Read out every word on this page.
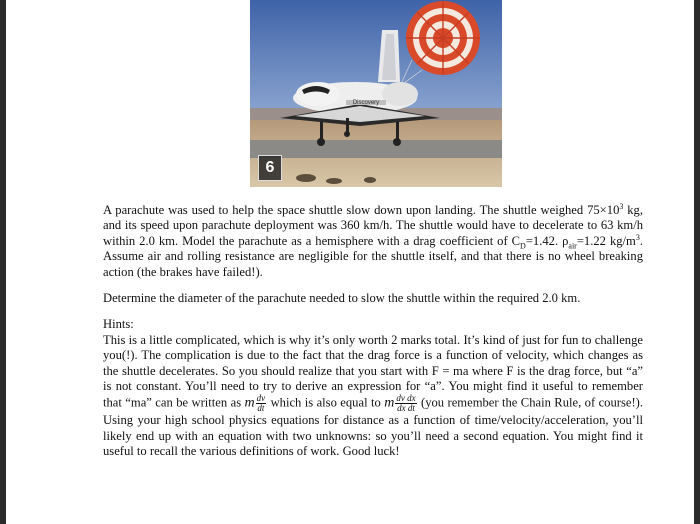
Discovery
6

A parachute was used to help the space shuttle slow down upon landing. The shuttle weighed $75\times 10^3$ kg, and its speed upon parachute deployment was 360 km/h. The shuttle would have to decelerate to 63 km/h within 2.0 km. Model the parachute as a hemisphere with a drag coefficient of $C_D=1.42$. $\rho_{air}=1.22$ $kg/m^3$. Assume air and rolling resistance are negligible for the shuttle itself, and that there is no wheel breaking action (the brakes have failed!).

Determine the diameter of the parachute needed to slow the shuttle within the required 2.0 km.

Hints:

This is a little complicated, which is why it’s only worth 2 marks total. It’s kind of just for fun to challenge you(!). The complication is due to the fact that the drag force is a function of velocity, which changes as the shuttle decelerates. So you should realize that you start with F = ma where F is the drag force, but “a” is not constant. You’ll need to try to derive an expression for “a”. You might find it useful to remember that “ma” can be written as m $\frac{dv}{dt}$ which is also equal to m $\frac{\text{dv dx}}{\text{dx dt}} (you$ remember the Chain Rule, of course!). Using your high school physics equations for distance as a function of time/velocity/acceleration, you’ll likely end up with an equation with two unknowns: so you’ll need a second equation. You might find it useful to recall the various definitions of work. Good luck!
